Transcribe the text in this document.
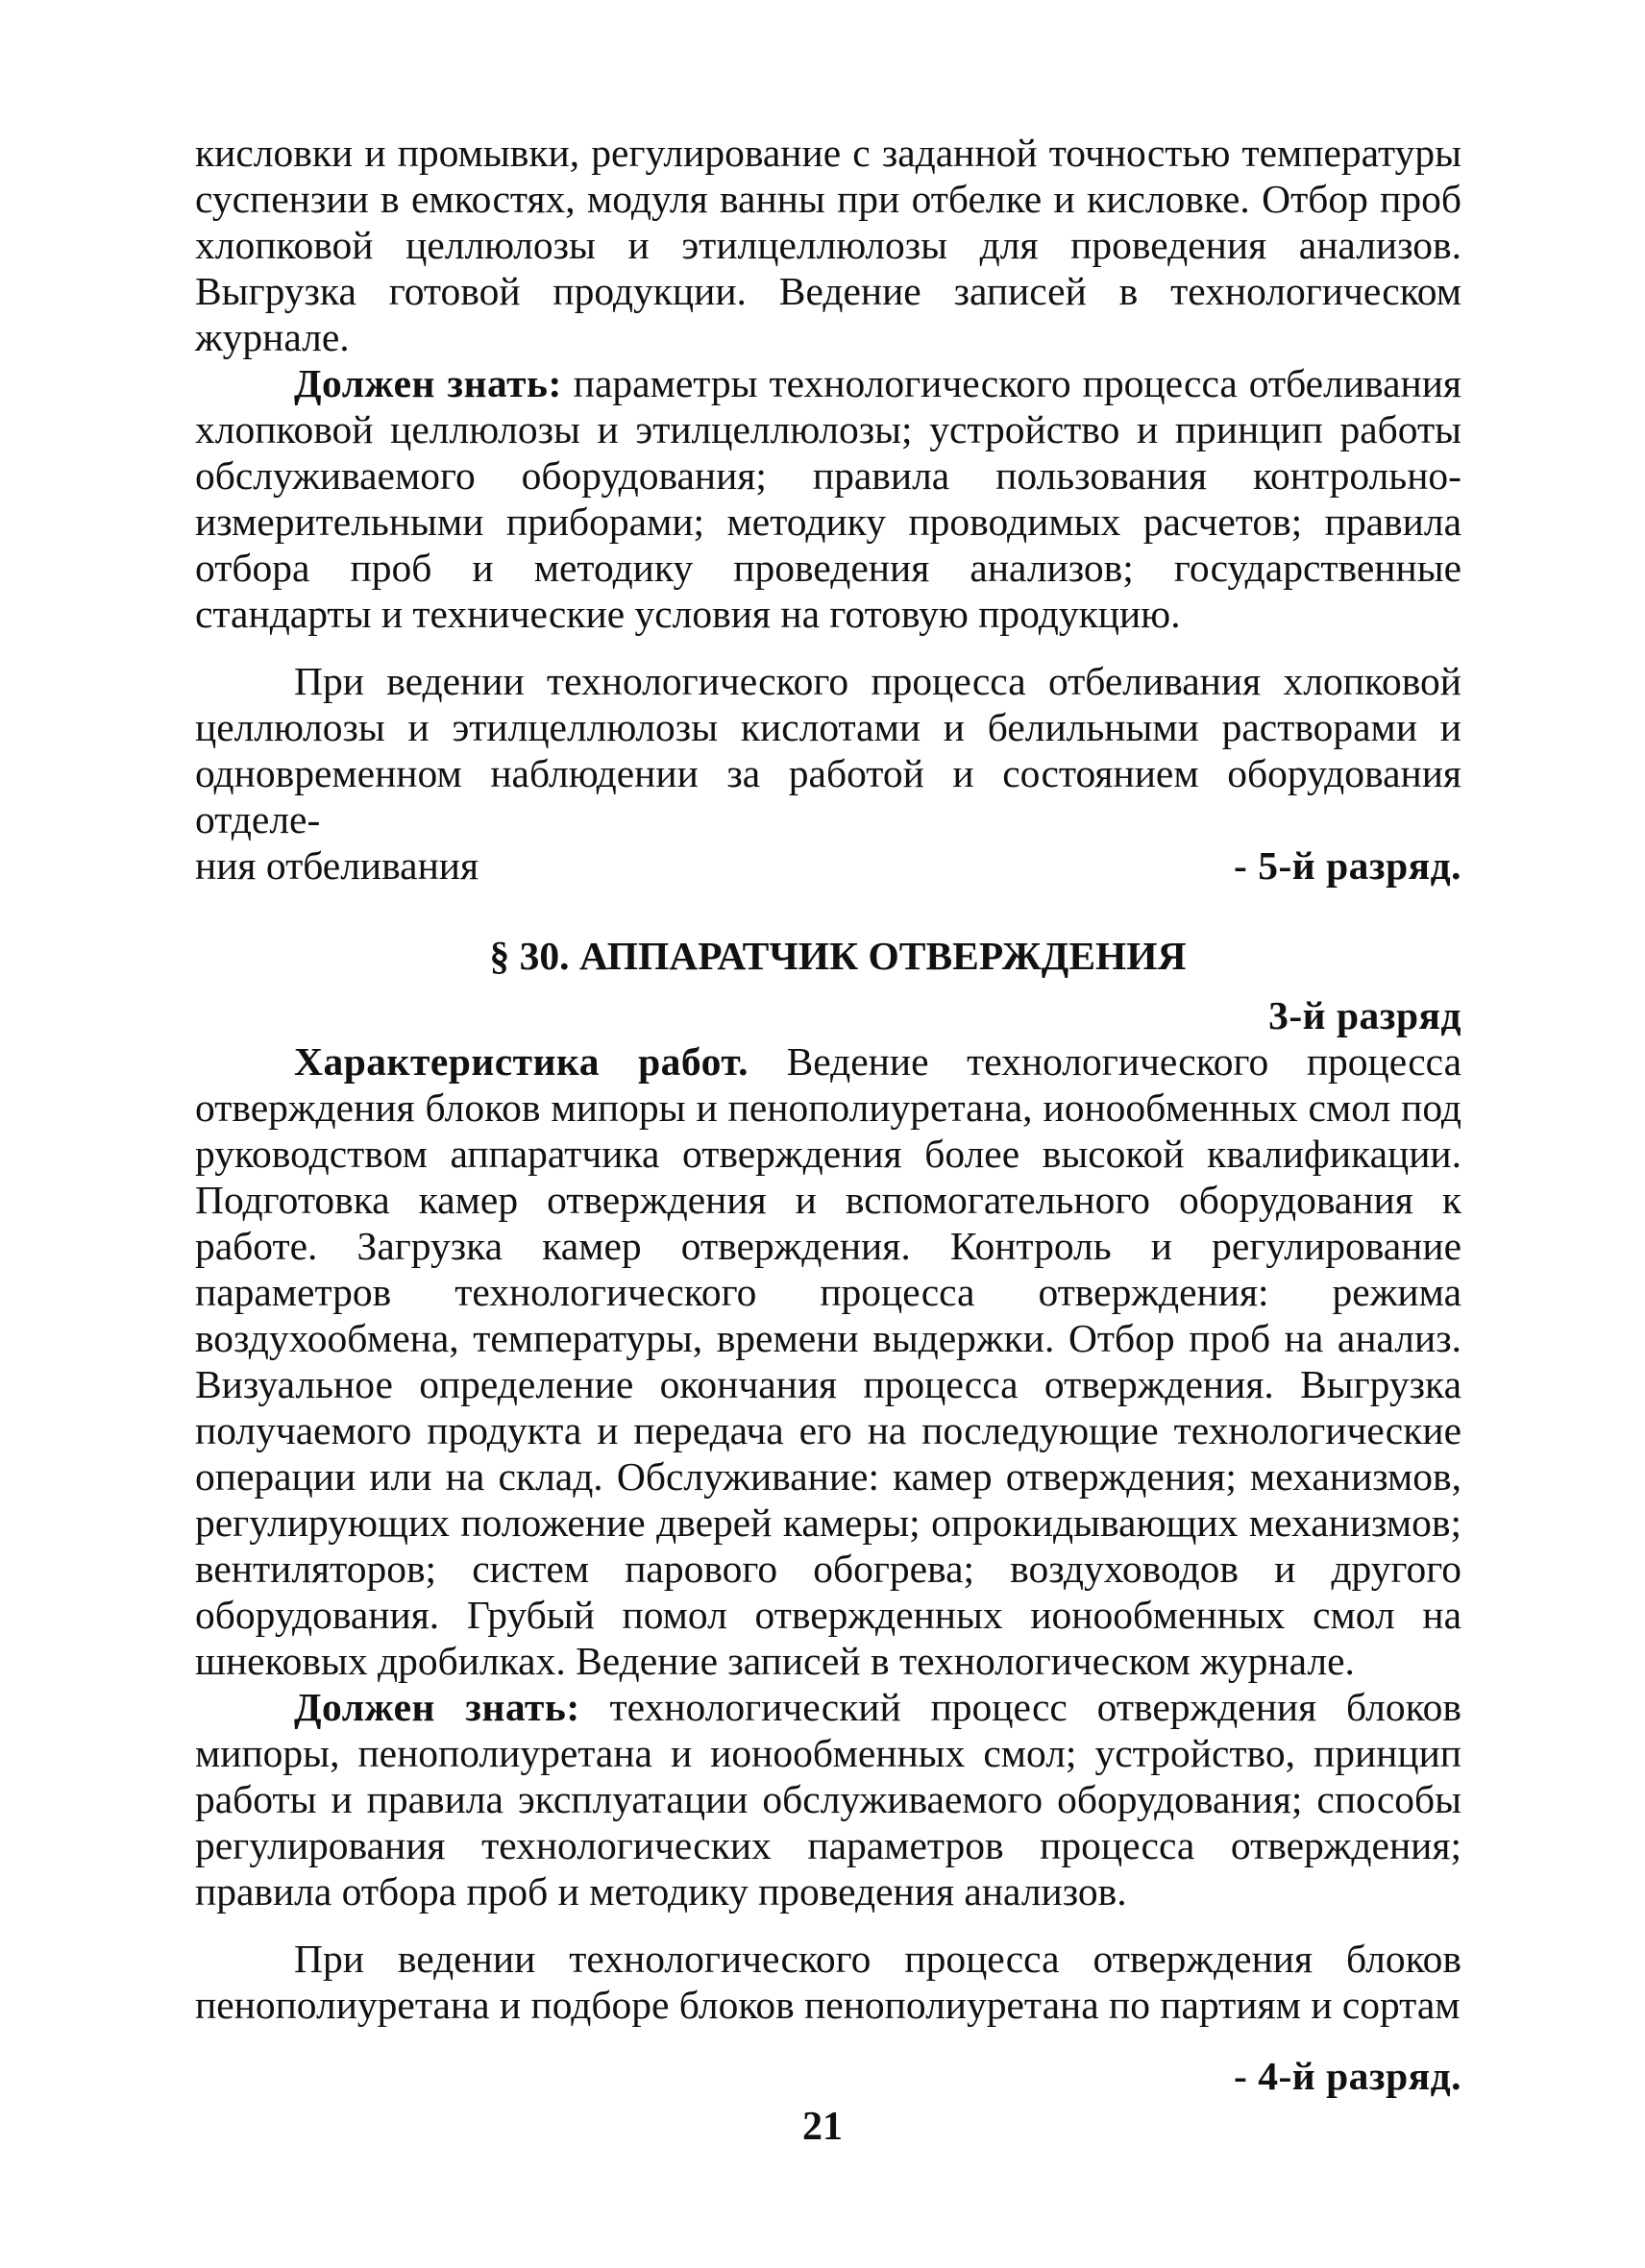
кисловки и промывки, регулирование с заданной точностью температуры суспензии в емкостях, модуля ванны при отбелке и кисловке. Отбор проб хлопковой целлюлозы и этилцеллюлозы для проведения анализов. Выгрузка готовой продукции. Ведение записей в технологическом журнале.

Должен знать: параметры технологического процесса отбеливания хлопковой целлюлозы и этилцеллюлозы; устройство и принцип работы обслуживаемого оборудования; правила пользования контрольно-измерительными приборами; методику проводимых расчетов; правила отбора проб и методику проведения анализов; государственные стандарты и технические условия на готовую продукцию.

При ведении технологического процесса отбеливания хлопковой целлюлозы и этилцеллюлозы кислотами и белильными растворами и одновременном наблюдении за работой и состоянием оборудования отделе-

ния отбеливания	- 5-й разряд.
§ 30. АППАРАТЧИК ОТВЕРЖДЕНИЯ
3-й разряд

Характеристика работ. Ведение технологического процесса отверждения блоков мипоры и пенополиуретана, ионообменных смол под руководством аппаратчика отверждения более высокой квалификации. Подготовка камер отверждения и вспомогательного оборудования к работе. Загрузка камер отверждения. Контроль и регулирование параметров технологического процесса отверждения: режима воздухообмена, температуры, времени выдержки. Отбор проб на анализ. Визуальное определение окончания процесса отверждения. Выгрузка получаемого продукта и передача его на последующие технологические операции или на склад. Обслуживание: камер отверждения; механизмов, регулирующих положение дверей камеры; опрокидывающих механизмов; вентиляторов; систем парового обогрева; воздуховодов и другого оборудования. Грубый помол отвержденных ионообменных смол на шнековых дробилках. Ведение записей в технологическом журнале.

Должен знать: технологический процесс отверждения блоков мипоры, пенополиуретана и ионообменных смол; устройство, принцип работы и правила эксплуатации обслуживаемого оборудования; способы регулирования технологических параметров процесса отверждения; правила отбора проб и методику проведения анализов.

При ведении технологического процесса отверждения блоков пенополиуретана и подборе блоков пенополиуретана по партиям и сортам

- 4-й разряд.
21
